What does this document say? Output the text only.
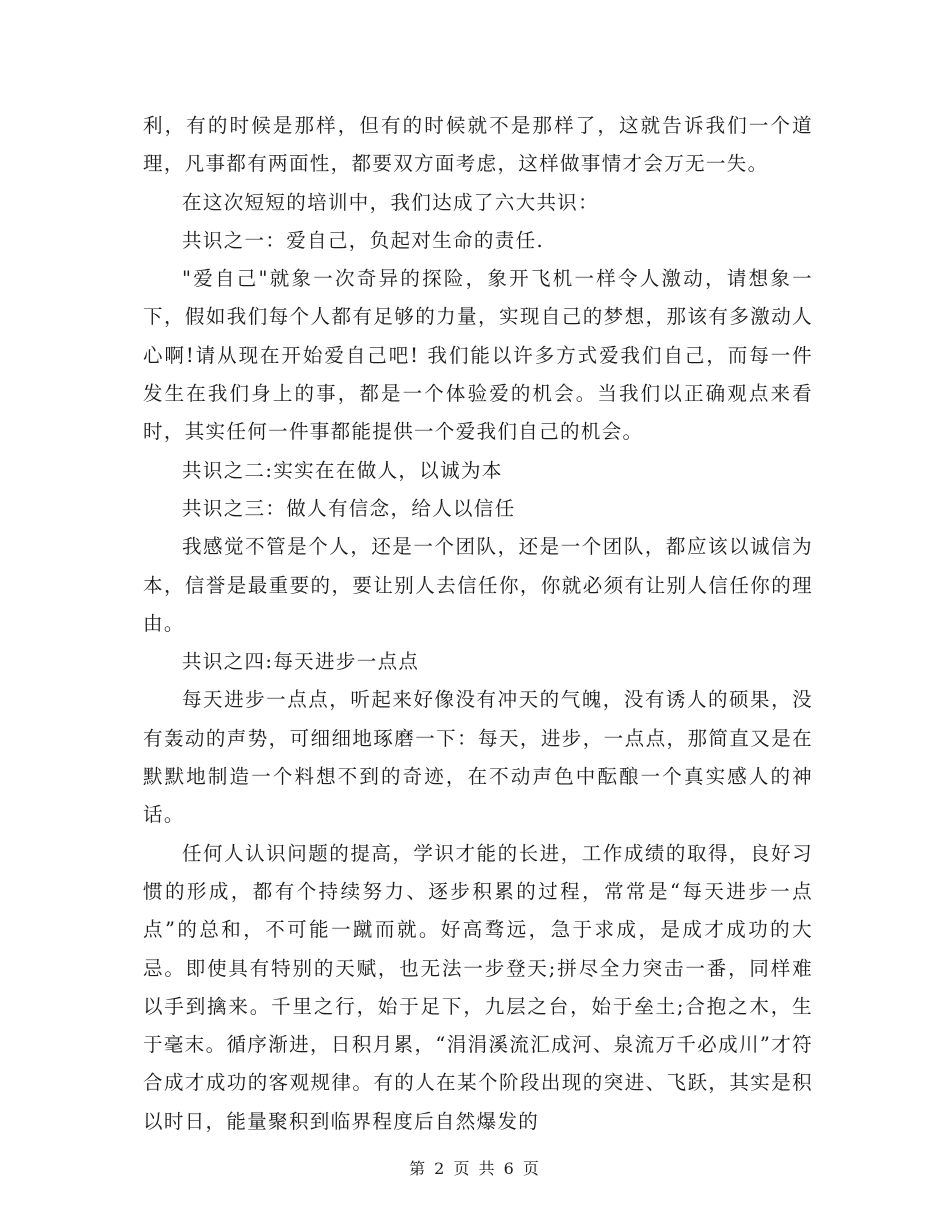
利，有的时候是那样，但有的时候就不是那样了，这就告诉我们一个道理，凡事都有两面性，都要双方面考虑，这样做事情才会万无一失。

在这次短短的培训中，我们达成了六大共识：

共识之一：爱自己，负起对生命的责任.

"爱自己"就象一次奇异的探险，象开飞机一样令人激动，请想象一下，假如我们每个人都有足够的力量，实现自己的梦想，那该有多激动人心啊!请从现在开始爱自己吧! 我们能以许多方式爱我们自己，而每一件发生在我们身上的事，都是一个体验爱的机会。当我们以正确观点来看时，其实任何一件事都能提供一个爱我们自己的机会。

共识之二:实实在在做人，以诚为本

共识之三：做人有信念，给人以信任

我感觉不管是个人，还是一个团队，还是一个团队，都应该以诚信为本，信誉是最重要的，要让别人去信任你，你就必须有让别人信任你的理由。

共识之四:每天进步一点点

每天进步一点点，听起来好像没有冲天的气魄，没有诱人的硕果，没有轰动的声势，可细细地琢磨一下：每天，进步，一点点，那简直又是在默默地制造一个料想不到的奇迹，在不动声色中酝酿一个真实感人的神话。

任何人认识问题的提高，学识才能的长进，工作成绩的取得，良好习惯的形成，都有个持续努力、逐步积累的过程，常常是“每天进步一点点”的总和，不可能一蹴而就。好高骛远，急于求成，是成才成功的大忌。即使具有特别的天赋，也无法一步登天;拼尽全力突击一番，同样难以手到擒来。千里之行，始于足下，九层之台，始于垒土;合抱之木，生于毫末。循序渐进，日积月累，“涓涓溪流汇成河、泉流万千必成川”才符合成才成功的客观规律。有的人在某个阶段出现的突进、飞跃，其实是积以时日，能量聚积到临界程度后自然爆发的

第 2 页 共 6 页
